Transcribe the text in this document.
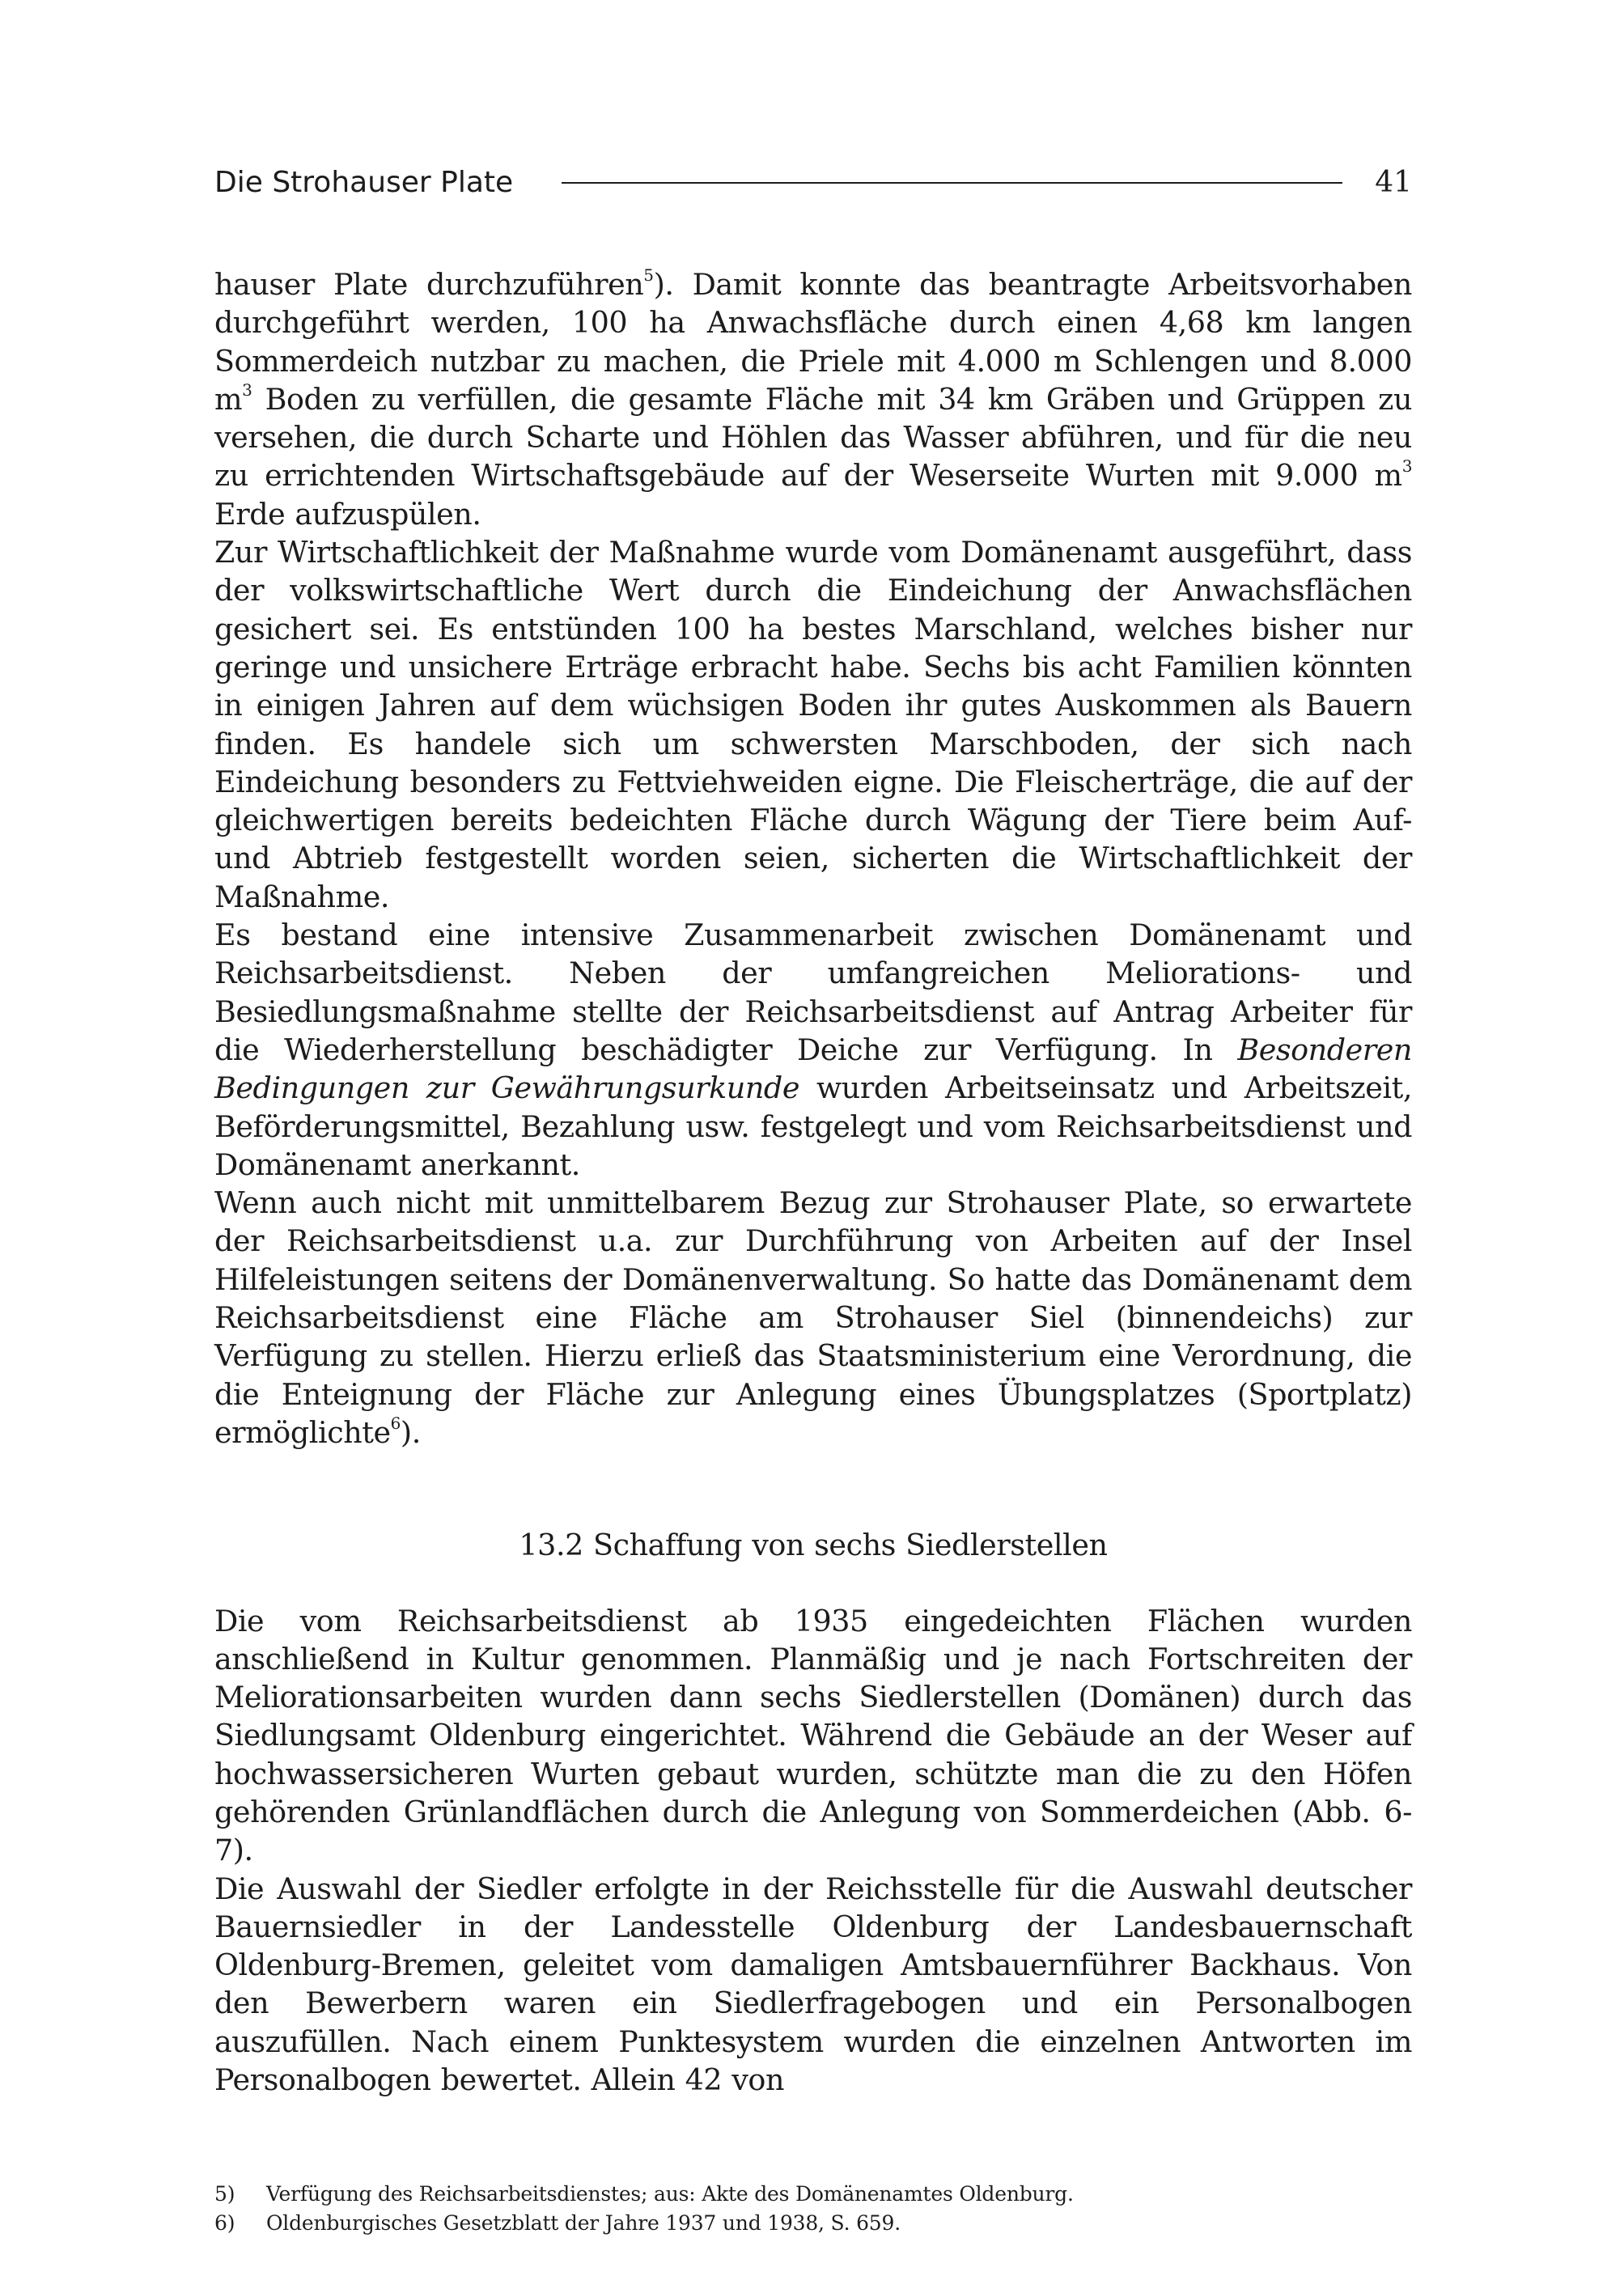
Die Strohauser Plate	41

hauser Plate durchzuführen$^5$). Damit konnte das beantragte Arbeitsvorhaben durchgeführt werden, 100 ha Anwachsfläche durch einen 4,68 km langen Sommerdeich nutzbar zu machen, die Priele mit 4.000 m Schlengen und 8.000 $m^3$ Boden zu verfüllen, die gesamte Fläche mit 34 km Gräben und Grüppen zu versehen, die durch Scharte und Höhlen das Wasser abführen, und für die neu zu errichtenden Wirtschaftsgebäude auf der Weserseite Wurten mit 9.000 $m^3$ Erde aufzuspülen.

Zur Wirtschaftlichkeit der Maßnahme wurde vom Domänenamt ausgeführt, dass der volkswirtschaftliche Wert durch die Eindeichung der Anwachsflächen gesichert sei. Es entstünden 100 ha bestes Marschland, welches bisher nur geringe und unsichere Erträge erbracht habe. Sechs bis acht Familien könnten in einigen Jahren auf dem wüchsigen Boden ihr gutes Auskommen als Bauern finden. Es handele sich um schwersten Marschboden, der sich nach Eindeichung besonders zu Fettviehweiden eigne. Die Fleischerträge, die auf der gleichwertigen bereits bedeichten Fläche durch Wägung der Tiere beim Auf- und Abtrieb festgestellt worden seien, sicherten die Wirtschaftlichkeit der Maßnahme.

Es bestand eine intensive Zusammenarbeit zwischen Domänenamt und Reichsarbeitsdienst. Neben der umfangreichen Meliorations- und Besiedlungsmaßnahme stellte der Reichsarbeitsdienst auf Antrag Arbeiter für die Wiederherstellung beschädigter Deiche zur Verfügung. In Besonderen Bedingungen zur Gewährungsurkunde wurden Arbeitseinsatz und Arbeitszeit, Beförderungsmittel, Bezahlung usw. festgelegt und vom Reichsarbeitsdienst und Domänenamt anerkannt.

Wenn auch nicht mit unmittelbarem Bezug zur Strohauser Plate, so erwartete der Reichsarbeitsdienst u.a. zur Durchführung von Arbeiten auf der Insel Hilfeleistungen seitens der Domänenverwaltung. So hatte das Domänenamt dem Reichsarbeitsdienst eine Fläche am Strohauser Siel (binnendeichs) zur Verfügung zu stellen. Hierzu erließ das Staatsministerium eine Verordnung, die die Enteignung der Fläche zur Anlegung eines Übungsplatzes (Sportplatz) ermöglichte$^6$).

13.2 Schaffung von sechs Siedlerstellen

Die vom Reichsarbeitsdienst ab 1935 eingedeichten Flächen wurden anschließend in Kultur genommen. Planmäßig und je nach Fortschreiten der Meliorationsarbeiten wurden dann sechs Siedlerstellen (Domänen) durch das Siedlungsamt Oldenburg eingerichtet. Während die Gebäude an der Weser auf hochwassersicheren Wurten gebaut wurden, schützte man die zu den Höfen gehörenden Grünlandflächen durch die Anlegung von Sommerdeichen (Abb. 6-7).

Die Auswahl der Siedler erfolgte in der Reichsstelle für die Auswahl deutscher Bauernsiedler in der Landesstelle Oldenburg der Landesbauernschaft Oldenburg-Bremen, geleitet vom damaligen Amtsbauernführer Backhaus. Von den Bewerbern waren ein Siedlerfragebogen und ein Personalbogen auszufüllen. Nach einem Punktesystem wurden die einzelnen Antworten im Personalbogen bewertet. Allein 42 von

5)	Verfügung des Reichsarbeitsdienstes; aus: Akte des Domänenamtes Oldenburg.
6)	Oldenburgisches Gesetzblatt der Jahre 1937 und 1938, S. 659.
